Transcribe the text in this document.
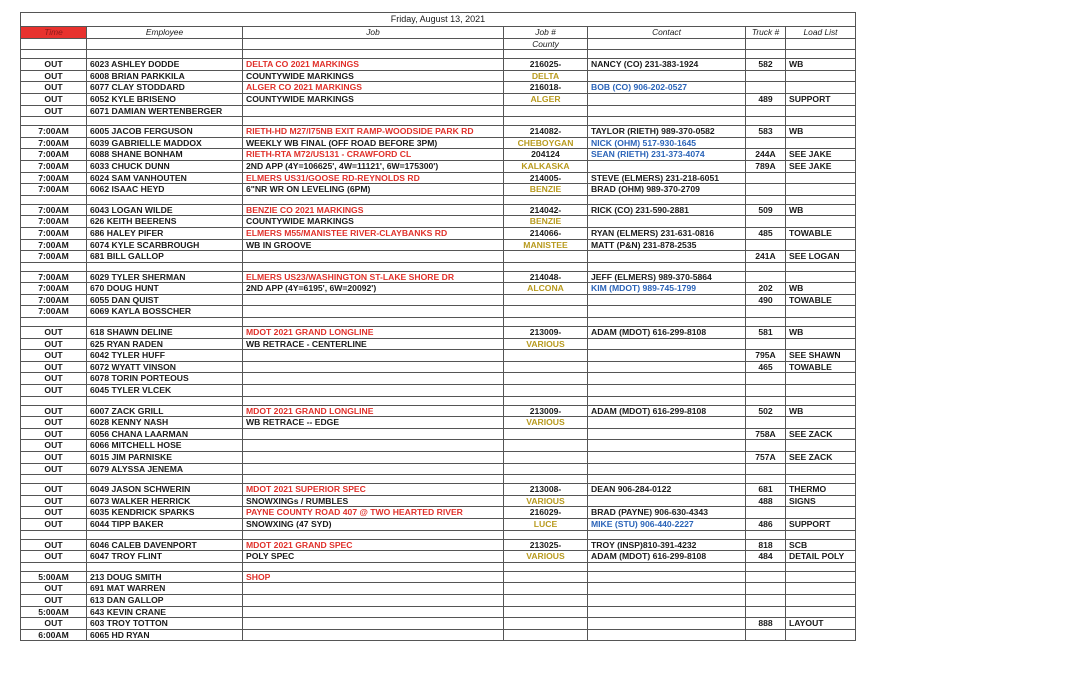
Friday, August 13, 2021						
Time	Employee	Job	Job #	Contact	Truck #	Load List
			County			

OUT	6023 ASHLEY DODDE	DELTA CO 2021 MARKINGS	216025-	NANCY (CO) 231-383-1924	582	WB
OUT	6008 BRIAN PARKKILA	COUNTYWIDE MARKINGS	DELTA			
OUT	6077 CLAY STODDARD	ALGER CO 2021 MARKINGS	216018-	BOB (CO) 906-202-0527		
OUT	6052 KYLE BRISENO	COUNTYWIDE MARKINGS	ALGER		489	SUPPORT
OUT	6071 DAMIAN WERTENBERGER					

7:00AM	6005 JACOB FERGUSON	RIETH-HD M27/I75NB EXIT RAMP-WOODSIDE PARK RD	214082-	TAYLOR (RIETH) 989-370-0582	583	WB
7:00AM	6039 GABRIELLE MADDOX	WEEKLY WB FINAL (OFF ROAD BEFORE 3PM)	CHEBOYGAN	NICK (OHM) 517-930-1645		
7:00AM	6088 SHANE BONHAM	RIETH-RTA M72/US131 - CRAWFORD CL	204124	SEAN (RIETH) 231-373-4074	244A	SEE JAKE
7:00AM	6033 CHUCK DUNN	2ND APP (4Y=106625', 4W=11121', 6W=175300')	KALKASKA		789A	SEE JAKE
7:00AM	6024 SAM VANHOUTEN	ELMERS US31/GOOSE RD-REYNOLDS RD	214005-	STEVE (ELMERS) 231-218-6051		
7:00AM	6062 ISAAC HEYD	6"NR WR ON LEVELING (6PM)	BENZIE	BRAD (OHM) 989-370-2709		

7:00AM	6043 LOGAN WILDE	BENZIE CO 2021 MARKINGS	214042-	RICK (CO) 231-590-2881	509	WB
7:00AM	626 KEITH BEERENS	COUNTYWIDE MARKINGS	BENZIE			
7:00AM	686 HALEY PIFER	ELMERS M55/MANISTEE RIVER-CLAYBANKS RD	214066-	RYAN (ELMERS) 231-631-0816	485	TOWABLE
7:00AM	6074 KYLE SCARBROUGH	WB IN GROOVE	MANISTEE	MATT (P&N) 231-878-2535		
7:00AM	681 BILL GALLOP				241A	SEE LOGAN

7:00AM	6029 TYLER SHERMAN	ELMERS US23/WASHINGTON ST-LAKE SHORE DR	214048-	JEFF (ELMERS) 989-370-5864		
7:00AM	670 DOUG HUNT	2ND APP (4Y=6195', 6W=20092')	ALCONA	KIM (MDOT) 989-745-1799	202	WB
7:00AM	6055 DAN QUIST				490	TOWABLE
7:00AM	6069 KAYLA BOSSCHER					

OUT	618 SHAWN DELINE	MDOT 2021 GRAND LONGLINE	213009-	ADAM (MDOT) 616-299-8108	581	WB
OUT	625 RYAN RADEN	WB RETRACE - CENTERLINE	VARIOUS			
OUT	6042 TYLER HUFF				795A	SEE SHAWN
OUT	6072 WYATT VINSON				465	TOWABLE
OUT	6078 TORIN PORTEOUS					
OUT	6045 TYLER VLCEK					

OUT	6007 ZACK GRILL	MDOT 2021 GRAND LONGLINE	213009-	ADAM (MDOT) 616-299-8108	502	WB
OUT	6028 KENNY NASH	WB RETRACE -- EDGE	VARIOUS			
OUT	6056 CHANA LAARMAN				758A	SEE ZACK
OUT	6066 MITCHELL HOSE					
OUT	6015 JIM PARNISKE				757A	SEE ZACK
OUT	6079 ALYSSA JENEMA					

OUT	6049 JASON SCHWERIN	MDOT 2021 SUPERIOR SPEC	213008-	DEAN 906-284-0122	681	THERMO
OUT	6073 WALKER HERRICK	SNOWXINGs / RUMBLES	VARIOUS		488	SIGNS
OUT	6035 KENDRICK SPARKS	PAYNE COUNTY ROAD 407 @ TWO HEARTED RIVER	216029-	BRAD (PAYNE) 906-630-4343		
OUT	6044 TIPP BAKER	SNOWXING (47 SYD)	LUCE	MIKE (STU) 906-440-2227	486	SUPPORT

OUT	6046 CALEB DAVENPORT	MDOT 2021 GRAND SPEC	213025-	TROY (INSP)810-391-4232	818	SCB
OUT	6047 TROY FLINT	POLY SPEC	VARIOUS	ADAM (MDOT) 616-299-8108	484	DETAIL POLY

5:00AM	213 DOUG SMITH	SHOP				
OUT	691 MAT WARREN					
OUT	613 DAN GALLOP					
5:00AM	643 KEVIN CRANE					
OUT	603 TROY TOTTON				888	LAYOUT
6:00AM	6065 HD RYAN					
